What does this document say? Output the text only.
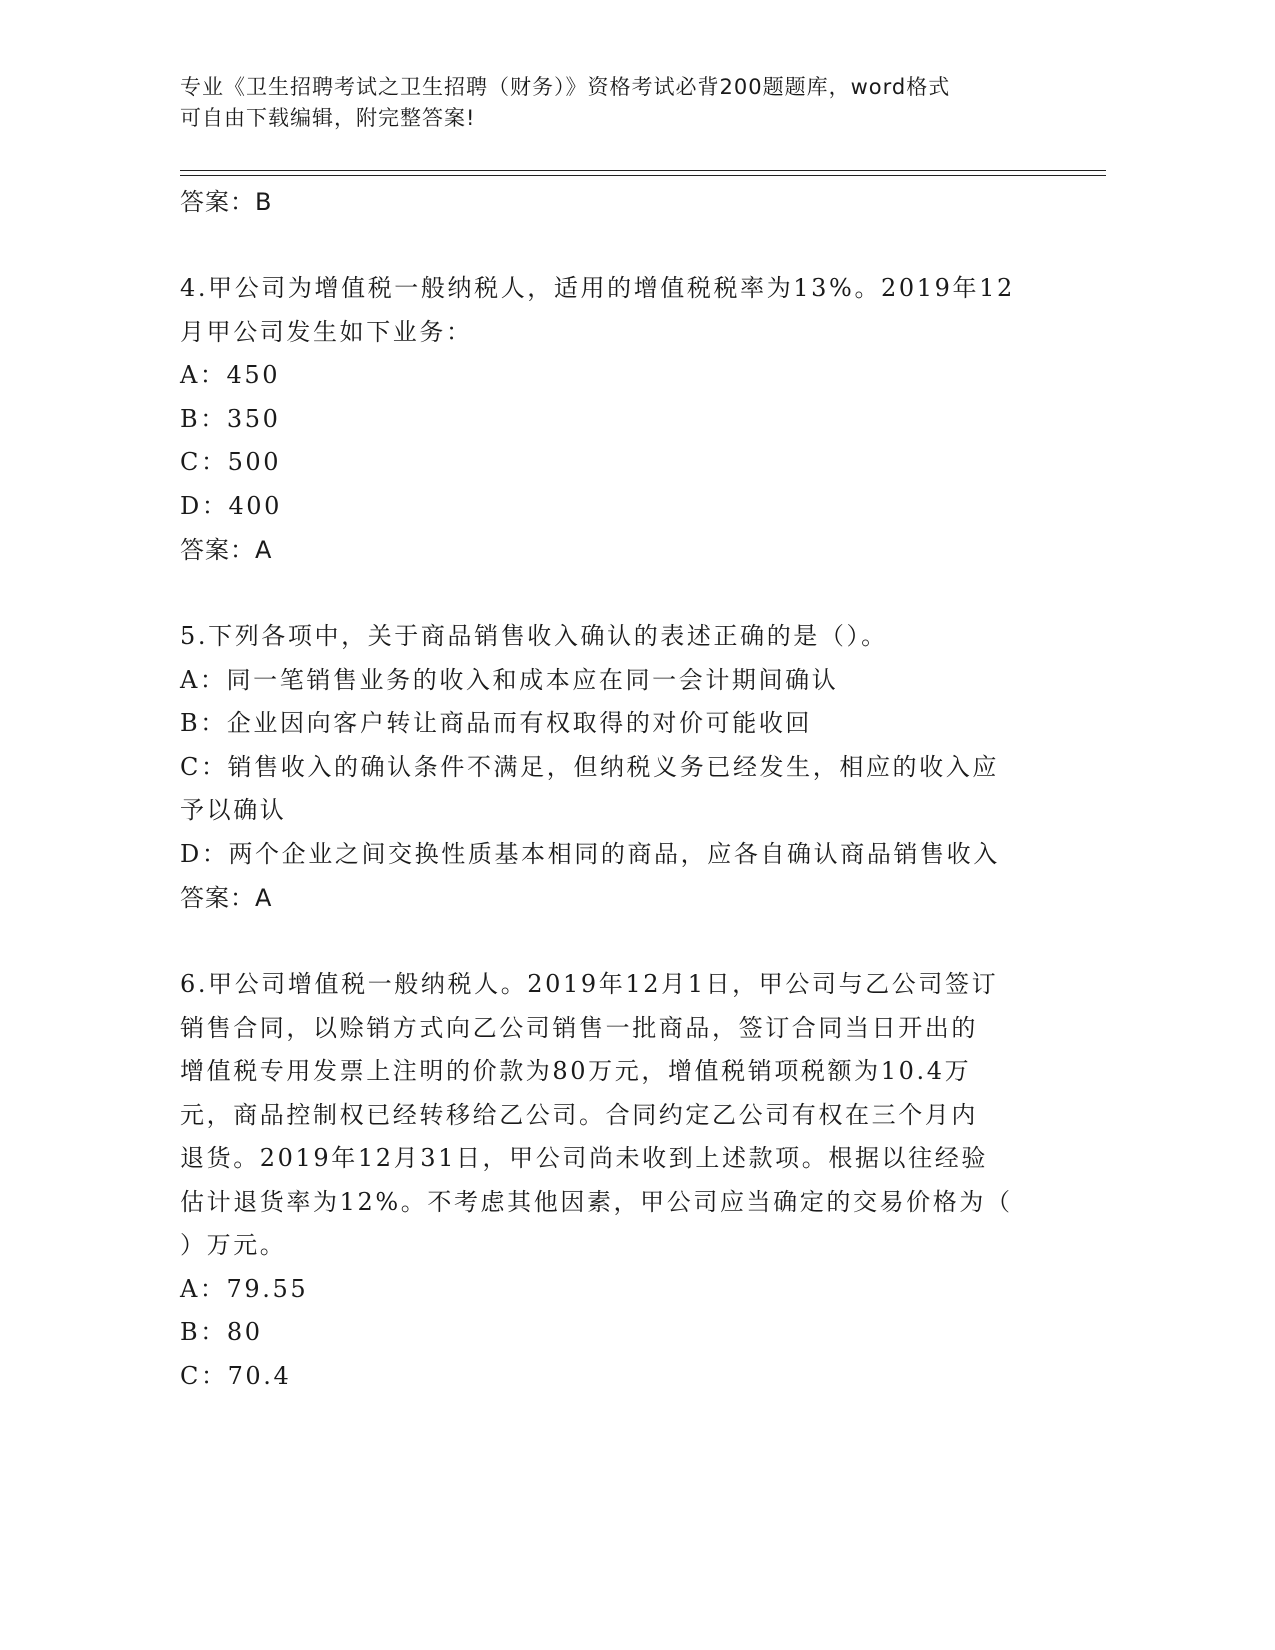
专业《卫生招聘考试之卫生招聘（财务）》资格考试必背200题题库，word格式
可自由下载编辑，附完整答案!
答案：B
4.甲公司为增值税一般纳税人，适用的增值税税率为13%。2019年12
月甲公司发生如下业务：
A：450
B：350
C：500
D：400
答案：A
5.下列各项中，关于商品销售收入确认的表述正确的是（）。
A：同一笔销售业务的收入和成本应在同一会计期间确认
B：企业因向客户转让商品而有权取得的对价可能收回
C：销售收入的确认条件不满足，但纳税义务已经发生，相应的收入应
予以确认
D：两个企业之间交换性质基本相同的商品，应各自确认商品销售收入
答案：A
6.甲公司增值税一般纳税人。2019年12月1日，甲公司与乙公司签订
销售合同，以赊销方式向乙公司销售一批商品，签订合同当日开出的
增值税专用发票上注明的价款为80万元，增值税销项税额为10.4万
元，商品控制权已经转移给乙公司。合同约定乙公司有权在三个月内
退货。2019年12月31日，甲公司尚未收到上述款项。根据以往经验
估计退货率为12%。不考虑其他因素，甲公司应当确定的交易价格为（
）万元。
A：79.55
B：80
C：70.4
